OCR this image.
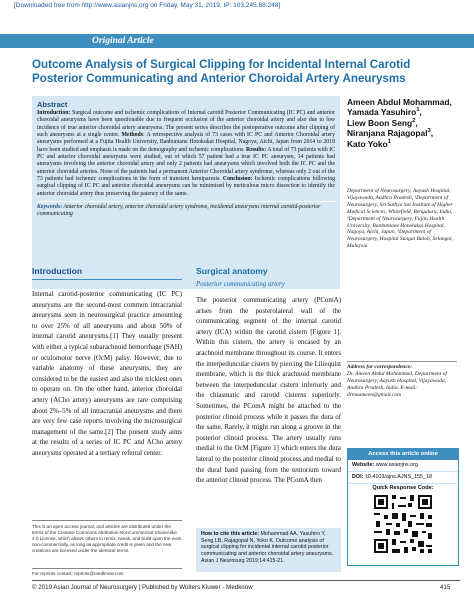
[Downloaded free from http://www.asianjns.org on Friday, May 31, 2019, IP: 103.245.88.248]
Original Article
Outcome Analysis of Surgical Clipping for Incidental Internal Carotid Posterior Communicating and Anterior Choroidal Artery Aneurysms
Abstract
Introduction: Surgical outcome and ischemic complications of Internal carotid Posterior Communicating (IC PC) and anterior choroidal aneurysms have been questionable due to frequent occlusion of the anterior choroidal artery and also due to low incidence of true anterior choroidal artery aneurysms. The present series describes the postoperative outcome after clipping of such aneurysms at a single centre. Methods: A retrospective analysis of 73 cases with IC PC and Anterior Choroidal artery aneurysms performed at a Fujita Health University, Banbuntane Hotokukai Hospital, Nagoya, Aichi, Japan from 2014 to 2018 have been studied and emphasis is made on the demography and ischemic complications. Results: A total of 73 patients with IC PC and anterior choroidal aneurysms were studied, out of which 57 patient had a true IC PC aneurysm, 14 patients had aneurysms involving the anterior choroidal artery and only 2 patients had aneurysms which involved both the IC PC and the anterior choroidal arteries. None of the patients had a permanent Anterior Choroidal artery syndrome, whereas only 2 out of the 73 patients had ischemic complications in the form of transient hemiparesis. Conclusion: Ischemic complications following surgical clipping of IC PC and anterior choroidal aneurysms can be minimised by meticulous micro dissection to identify the anterior choroidal artery thus preserving the patency of the same.
Keywords: Anterior choroidal artery, anterior choroidal artery syndrome, incidental aneurysms internal carotid-posterior communicating
Ameen Abdul Mohammad,
Yamada Yasuhiro$^1$,
Liew Boon Seng$^2$,
Niranjana Rajagopal$^3$,
Kato Yoko$^1$
Department of Neurosurgery, Aayush Hospital, Vijayawada, Andhra Pradesh, ¹Department of Neurosurgery, Sri Sathya Sai Institute of Higher Medical Sciences, Whitefield, Bengaluru, India, ²Department of Neurosurgery, Fujita Health University, Banbuntane Hotokukai Hospital, Nagoya, Aichi, Japan, ³Department of Neurosurgery, Hospital Sungai Buloh, Selangor, Malaysia
Address for correspondence:
Dr. Ameen Abdul Mohammad, Department of Neurosurgery, Aayush Hospital, Vijayawada, Andhra Pradesh, India. E-mail: drmaameen@gmail.com
Access this article online
Website: www.asianjns.org
DOI: 10.4103/ajns.AJNS_155_18
Quick Response Code:
Introduction
Internal carotid-posterior communicating (IC PC) aneurysms are the second-most common intracranial aneurysms seen in neurosurgical practice amounting to over 25% of all aneurysms and about 50% of internal carotid aneurysms.[1] They usually present with either a typical subarachnoid hemorrhage (SAH) or oculomotor nerve (OcM) palsy. However, due to variable anatomy of these aneurysms, they are considered to be the easiest and also the trickiest ones to operate on. On the other hand, anterior choroidal artery (ACho artery) aneurysms are rare comprising about 2%–5% of all intracranial aneurysms and there are very few case reports involving the microsurgical management of the same.[2] The present study aims at the results of a series of IC PC and ACho artery aneurysms operated at a tertiary referral center.
Surgical anatomy
Posterior communicating artery
The posterior communicating artery (PComA) arises from the posterolateral wall of the communicating segment of the internal carotid artery (ICA) within the carotid cistern [Figure 1]. Within this cistern, the artery is encased by an arachnoid membrane throughout its course. It enters the interpeduncular cistern by piercing the Liliequist membrane, which is the thick arachnoid membrane between the interpeduncular cistern inferiorly and the chiasmatic and carotid cisterns superiorly. Sometimes, the PComA might be attached to the posterior clinoid process while it passes the dura of the same. Rarely, it might run along a groove in the posterior clinoid process. The artery usually runs medial to the OcM [Figure 1] which enters the dura lateral to the posterior clinoid process and medial to the dural band passing from the tentorium toward the anterior clinoid process. The PComA then
This is an open access journal, and articles are distributed under the terms of the Creative Commons Attribution-NonCommercial-ShareAlike 4.0 License, which allows others to remix, tweak, and build upon the work non-commercially, as long as appropriate credit is given and the new creations are licensed under the identical terms.
For reprints contact: reprints@medknow.com
How to cite this article: Mohammad AA, Yasuhiro Y, Seng LB, Rajagopal N, Yoko K. Outcome analysis of surgical clipping for incidental internal carotid posterior communicating and anterior choroidal artery aneurysms. Asian J Neurosurg 2019;14:415-21.
© 2019 Asian Journal of Neurosurgery | Published by Wolters Kluwer - Medknow	415
